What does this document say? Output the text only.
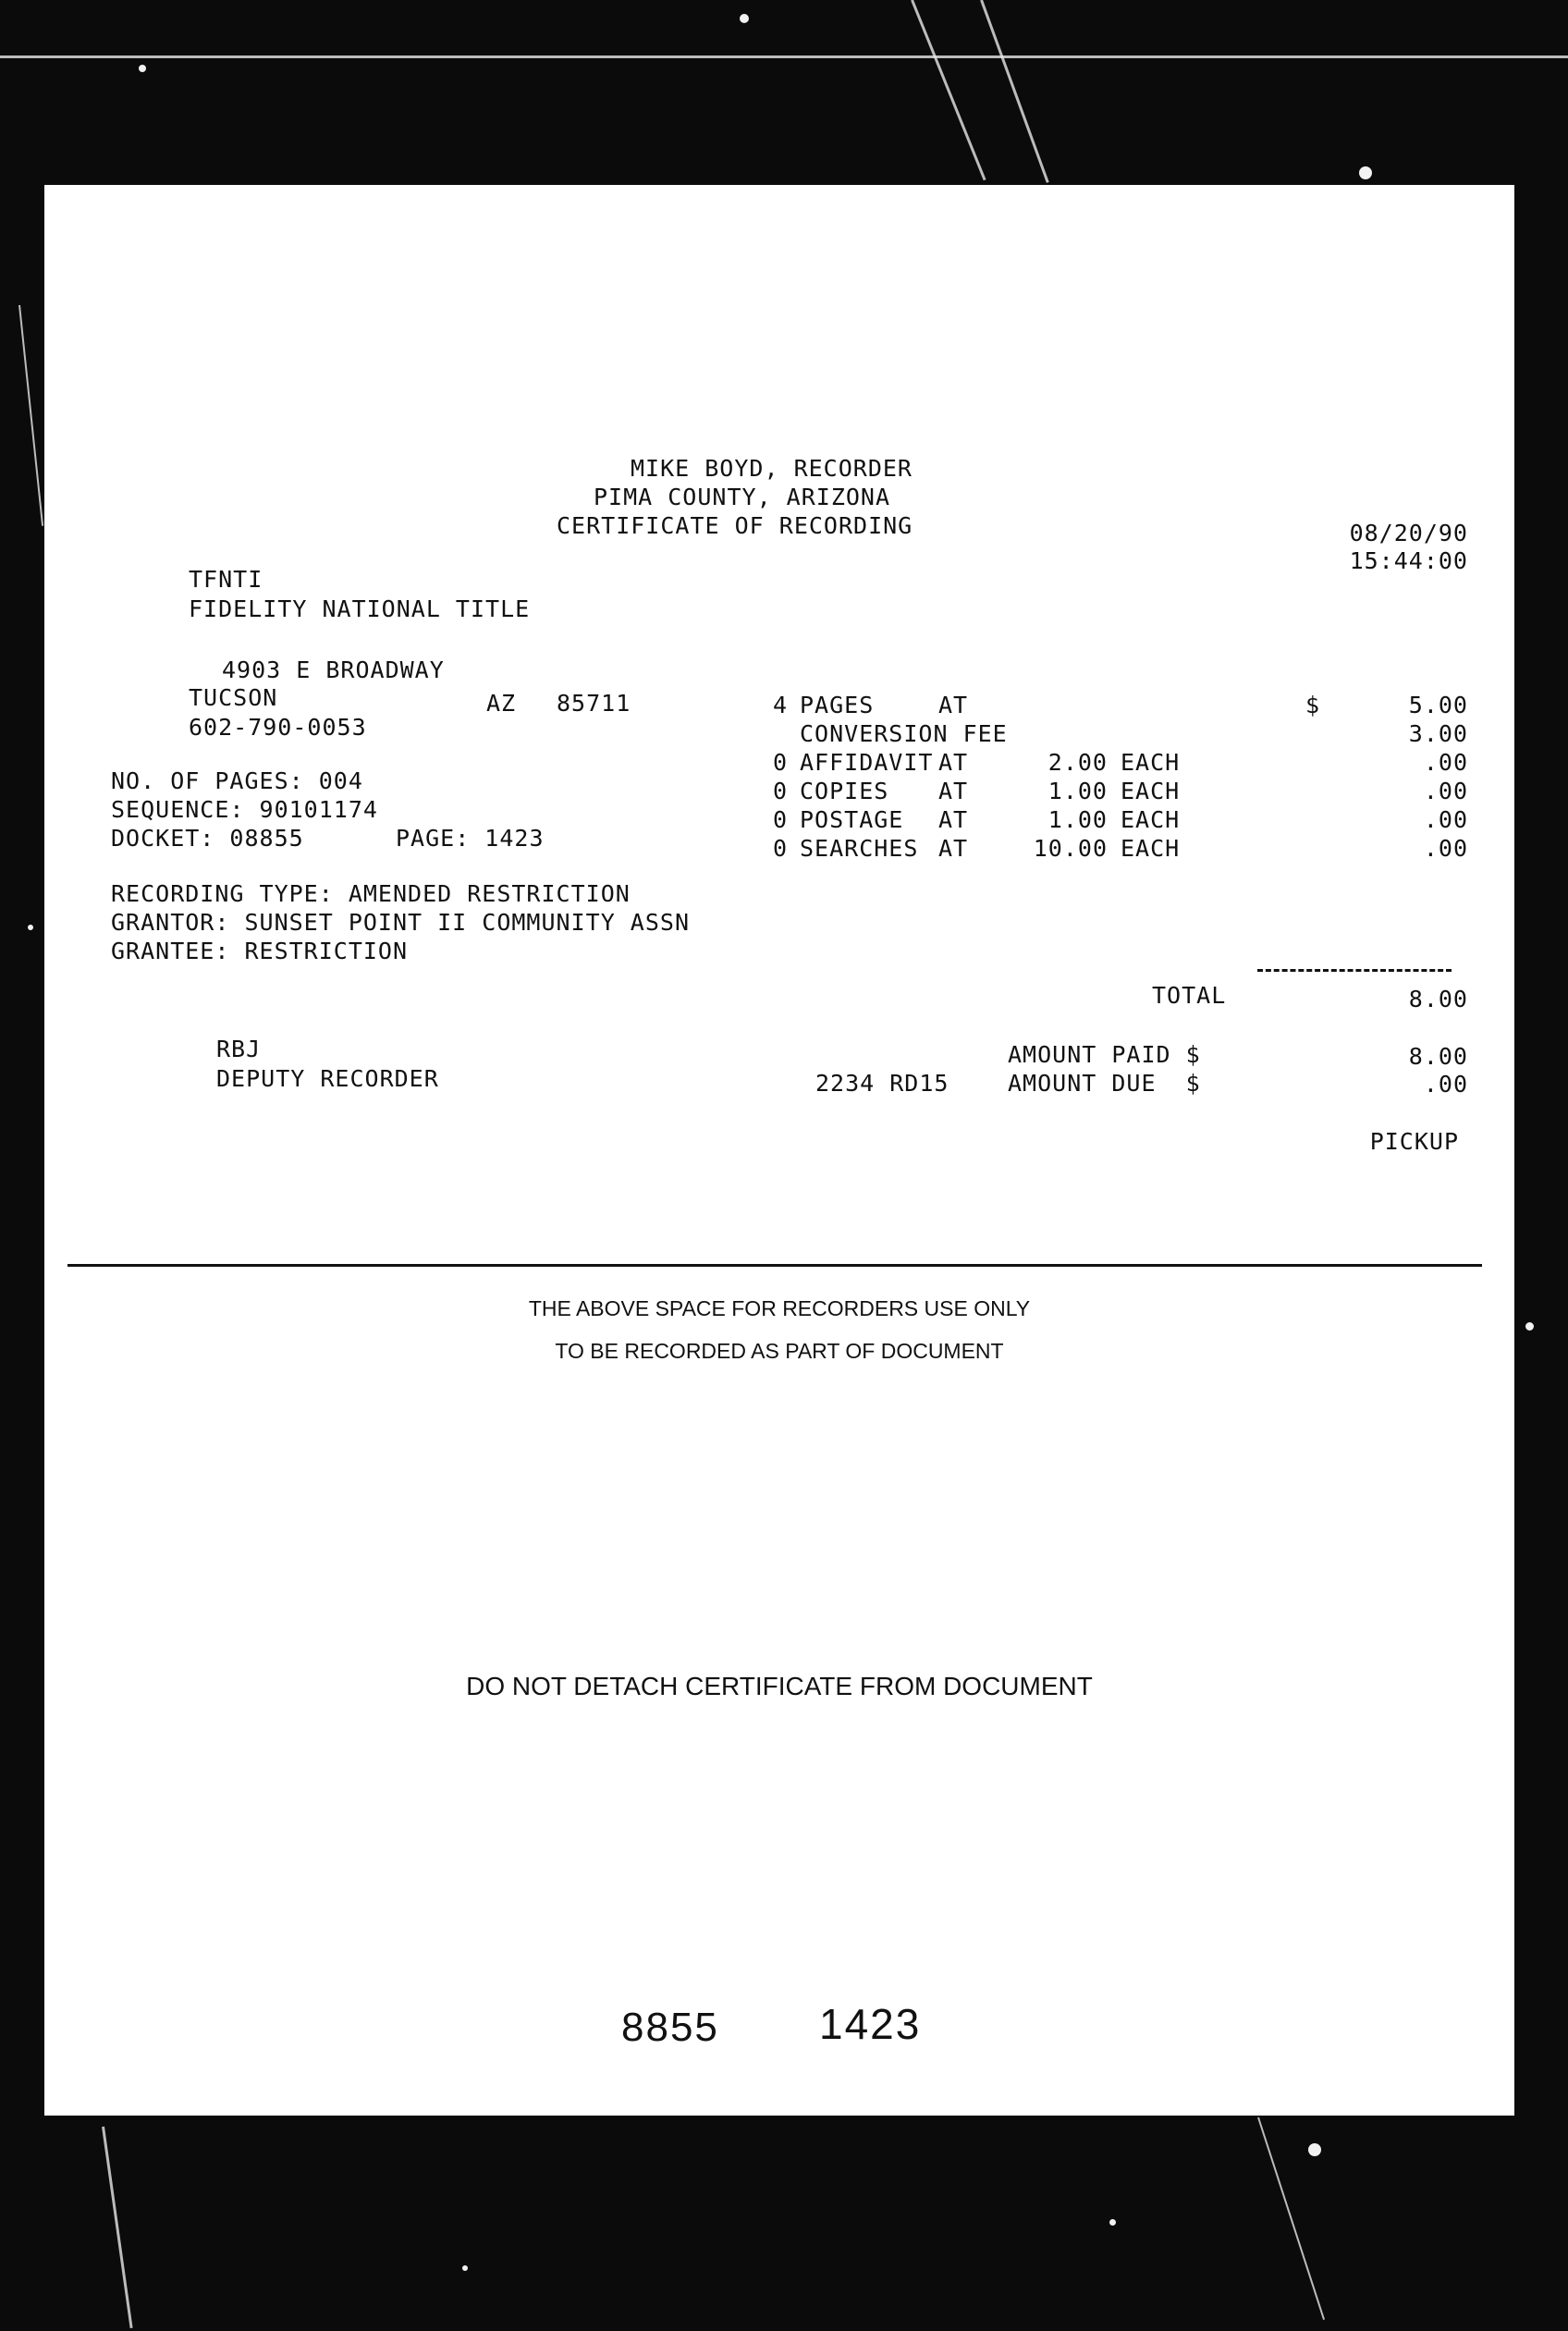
MIKE BOYD, RECORDER
PIMA COUNTY, ARIZONA
CERTIFICATE OF RECORDING	08/20/90
15:44:00
TFNTI
FIDELITY NATIONAL TITLE
4903 E BROADWAY
TUCSON	AZ 85711
602-790-0053
NO. OF PAGES: 004
SEQUENCE: 90101174
DOCKET: 08855	PAGE: 1423
RECORDING TYPE: AMENDED RESTRICTION
GRANTOR: SUNSET POINT II COMMUNITY ASSN
GRANTEE: RESTRICTION
4 PAGES	AT	$	5.00
CONVERSION FEE	3.00
0 AFFIDAVIT AT	2.00 EACH	.00
0 COPIES AT	1.00 EACH	.00
0 POSTAGE AT	1.00 EACH	.00
0 SEARCHES AT	10.00 EACH	.00
TOTAL	8.00
RBJ
DEPUTY RECORDER
AMOUNT PAID $	8.00
2234 RD15	AMOUNT DUE  $	.00
PICKUP
THE ABOVE SPACE FOR RECORDERS USE ONLY
TO BE RECORDED AS PART OF DOCUMENT
DO NOT DETACH CERTIFICATE FROM DOCUMENT
8855 1423
